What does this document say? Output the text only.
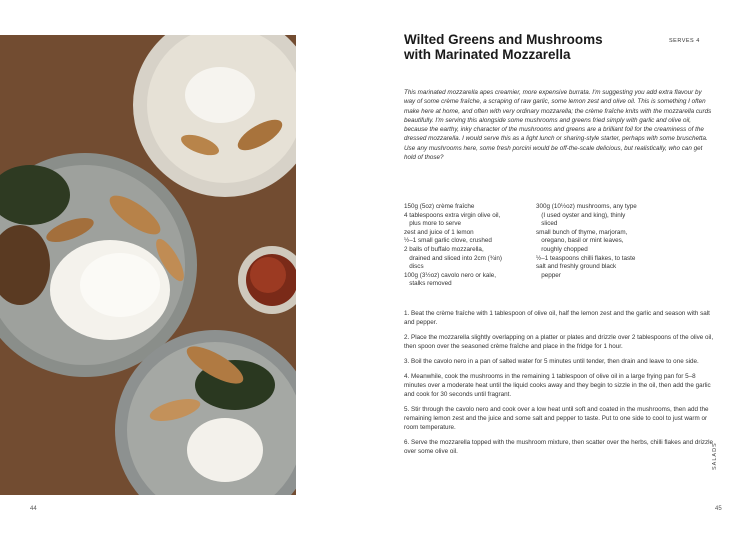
44
Wilted Greens and Mushrooms with Marinated Mozzarella
SERVES 4

This marinated mozzarella apes creamier, more expensive burrata. I'm suggesting you add extra flavour by way of some crème fraîche, a scraping of raw garlic, some lemon zest and olive oil. This is something I often make here at home, and often with very ordinary mozzarella; the crème fraîche knits with the mozzarella curds beautifully. I'm serving this alongside some mushrooms and greens fried simply with garlic and olive oil, because the earthy, inky character of the mushrooms and greens are a brilliant foil for the creaminess of the dressed mozzarella. I would serve this as a light lunch or sharing-style starter, perhaps with some bruschetta. Use any mushrooms here, some fresh porcini would be off-the-scale delicious, but realistically, who can get hold of those?

150g (5oz) crème fraîche
4 tablespoons extra virgin olive oil,
plus more to serve
zest and juice of 1 lemon
½–1 small garlic clove, crushed
2 balls of buffalo mozzarella,
drained and sliced into 2cm (¾in)
discs
100g (3½oz) cavolo nero or kale,
stalks removed
300g (10½oz) mushrooms, any type
(I used oyster and king), thinly
sliced
small bunch of thyme, marjoram,
oregano, basil or mint leaves,
roughly chopped
½–1 teaspoons chilli flakes, to taste
salt and freshly ground black
pepper

1. Beat the crème fraîche with 1 tablespoon of olive oil, half the lemon zest and the garlic and season with salt and pepper.

2. Place the mozzarella slightly overlapping on a platter or plates and drizzle over 2 tablespoons of the olive oil, then spoon over the seasoned crème fraîche and place in the fridge for 1 hour.

3. Boil the cavolo nero in a pan of salted water for 5 minutes until tender, then drain and leave to one side.

4. Meanwhile, cook the mushrooms in the remaining 1 tablespoon of olive oil in a large frying pan for 5–8 minutes over a moderate heat until the liquid cooks away and they begin to sizzle in the oil, then add the garlic and cook for 30 seconds until fragrant.

5. Stir through the cavolo nero and cook over a low heat until soft and coated in the mushrooms, then add the remaining lemon zest and the juice and some salt and pepper to taste. Put to one side to cool to just warm or room temperature.

6. Serve the mozzarella topped with the mushroom mixture, then scatter over the herbs, chilli flakes and drizzle over some olive oil.	SALADS
45
